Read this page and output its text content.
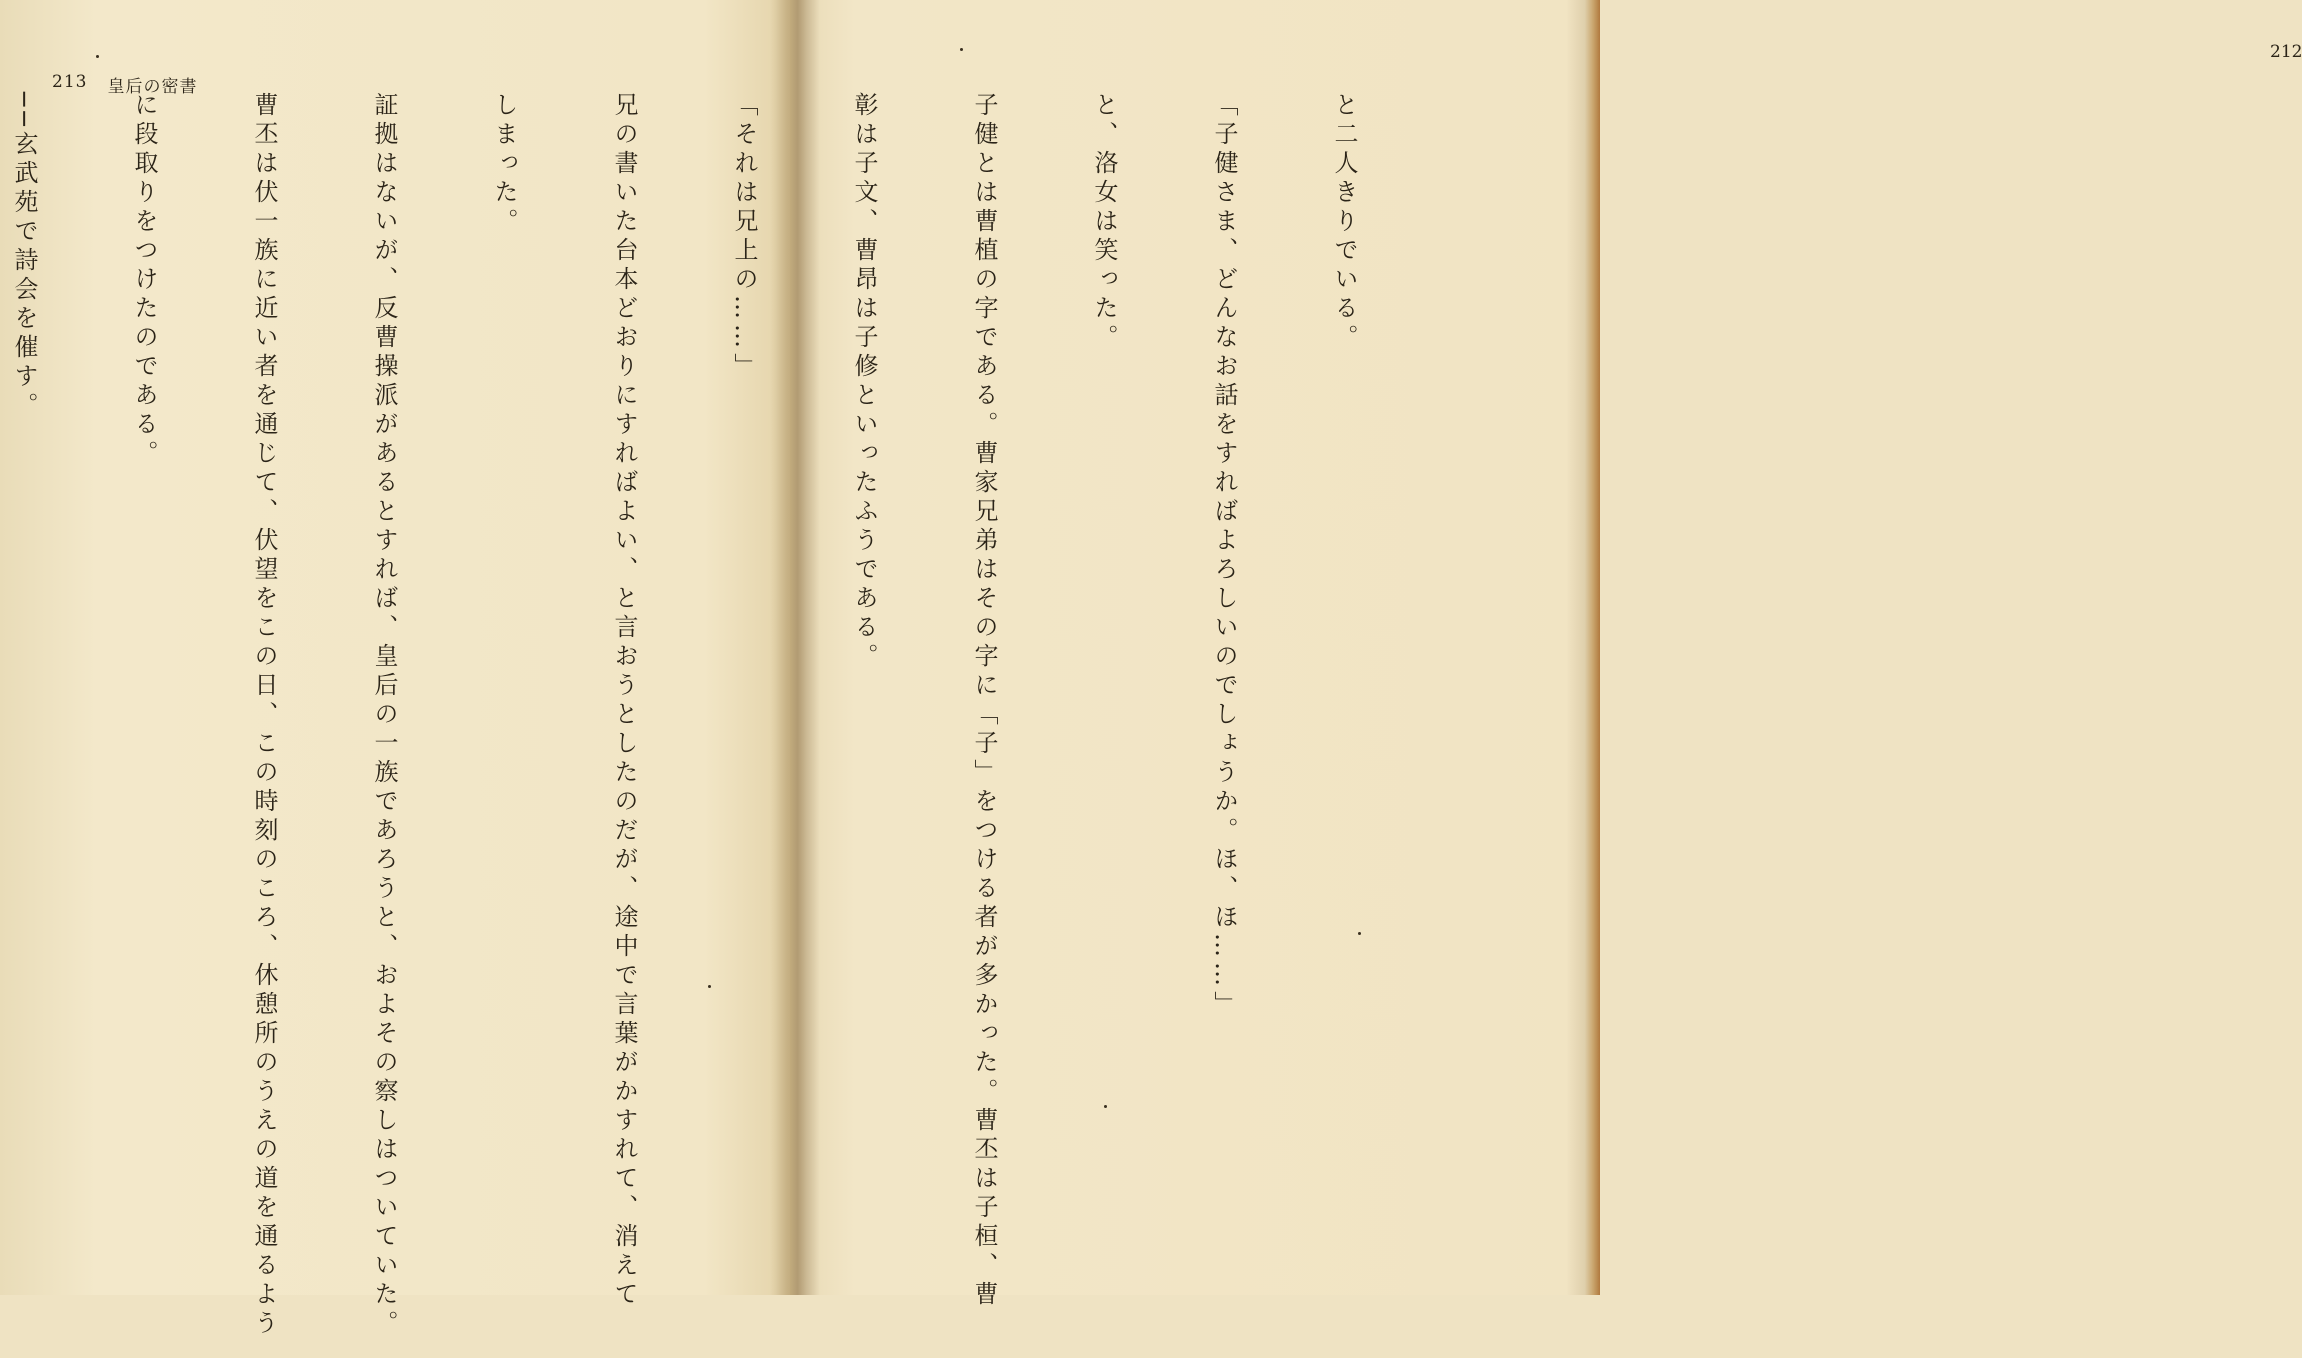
213 皇后の密書

212

と二人きりでいる。

「子健さま、どんなお話をすればよろしいのでしょうか。ほ、ほ……」

と、洛女は笑った。

子健とは曹植の字である。曹家兄弟はその字に「子」をつける者が多かった。曹丕は子桓、曹

彰は子文、曹昂は子修といったふうである。

「それは兄上の……」

兄の書いた台本どおりにすればよい、と言おうとしたのだが、途中で言葉がかすれて、消えて

しまった。

証拠はないが、反曹操派があるとすれば、皇后の一族であろうと、およその察しはついていた。

曹丕は伏一族に近い者を通じて、伏望をこの日、この時刻のころ、休憩所のうえの道を通るよう

に段取りをつけたのである。

──玄武苑で詩会を催す。
